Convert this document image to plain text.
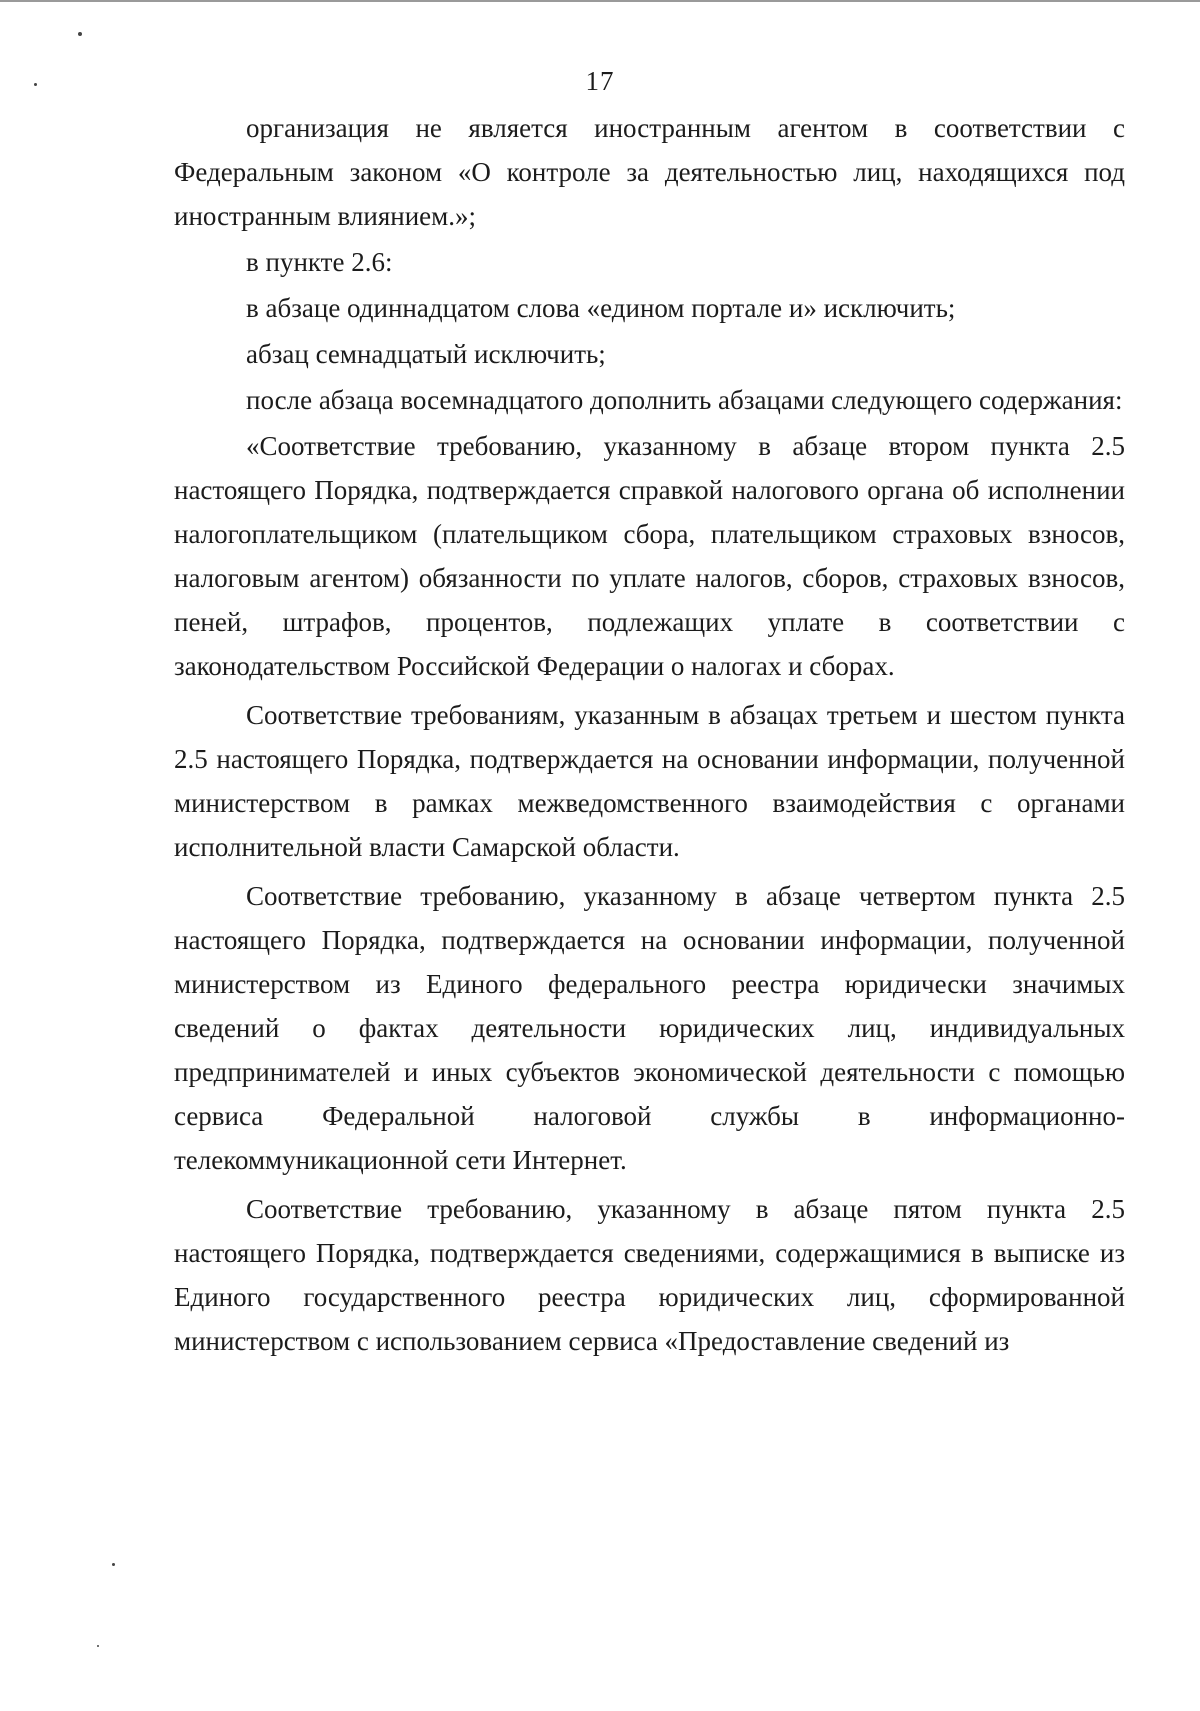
17

организация не является иностранным агентом в соответствии с Федеральным законом «О контроле за деятельностью лиц, находящихся под иностранным влиянием.»;

в пункте 2.6:

в абзаце одиннадцатом слова «едином портале и» исключить;

абзац семнадцатый исключить;

после абзаца восемнадцатого дополнить абзацами следующего содержания:

«Соответствие требованию, указанному в абзаце втором пункта 2.5 настоящего Порядка, подтверждается справкой налогового органа об исполнении налогоплательщиком (плательщиком сбора, плательщиком страховых взносов, налоговым агентом) обязанности по уплате налогов, сборов, страховых взносов, пеней, штрафов, процентов, подлежащих уплате в соответствии с законодательством Российской Федерации о налогах и сборах.

Соответствие требованиям, указанным в абзацах третьем и шестом пункта 2.5 настоящего Порядка, подтверждается на основании информации, полученной министерством в рамках межведомственного взаимодействия с органами исполнительной власти Самарской области.

Соответствие требованию, указанному в абзаце четвертом пункта 2.5 настоящего Порядка, подтверждается на основании информации, полученной министерством из Единого федерального реестра юридически значимых сведений о фактах деятельности юридических лиц, индивидуальных предпринимателей и иных субъектов экономической деятельности с помощью сервиса Федеральной налоговой службы в информационно-телекоммуникационной сети Интернет.

Соответствие требованию, указанному в абзаце пятом пункта 2.5 настоящего Порядка, подтверждается сведениями, содержащимися в выписке из Единого государственного реестра юридических лиц, сформированной министерством с использованием сервиса «Предоставление сведений из
